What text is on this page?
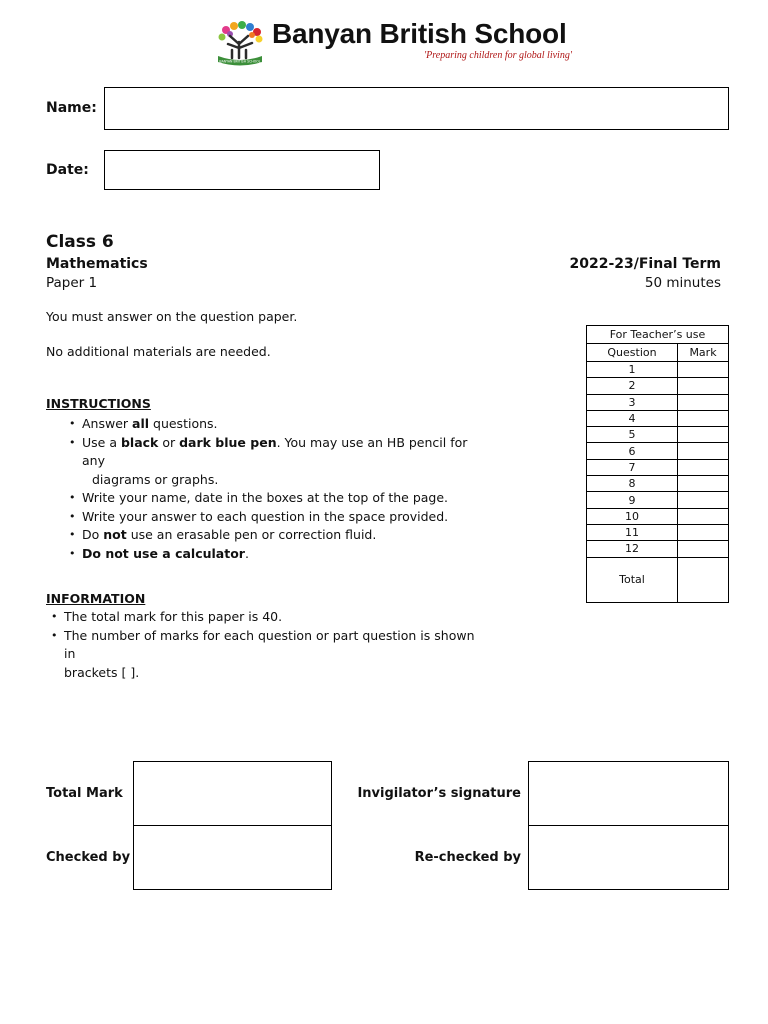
BANYAN BRITISH SCHOOL
Banyan British School
'Preparing children for global living'
Name:
Date:
Class 6
Mathematics
Paper 1
2022-23/Final Term
50 minutes
You must answer on the question paper.
No additional materials are needed.
INSTRUCTIONS
• Answer all questions.
• Use a black or dark blue pen. You may use an HB pencil for any
diagrams or graphs.
• Write your name, date in the boxes at the top of the page.
• Write your answer to each question in the space provided.
• Do not use an erasable pen or correction fluid.
• Do not use a calculator.
INFORMATION
• The total mark for this paper is 40.
• The number of marks for each question or part question is shown in
brackets [ ].
For Teacher’s use	
Question	Mark
1	
2	
3	
4	
5	
6	
7	
8	
9	
10	
11	
12	
Total	
Total Mark
Checked by
Invigilator’s signature
Re-checked by
